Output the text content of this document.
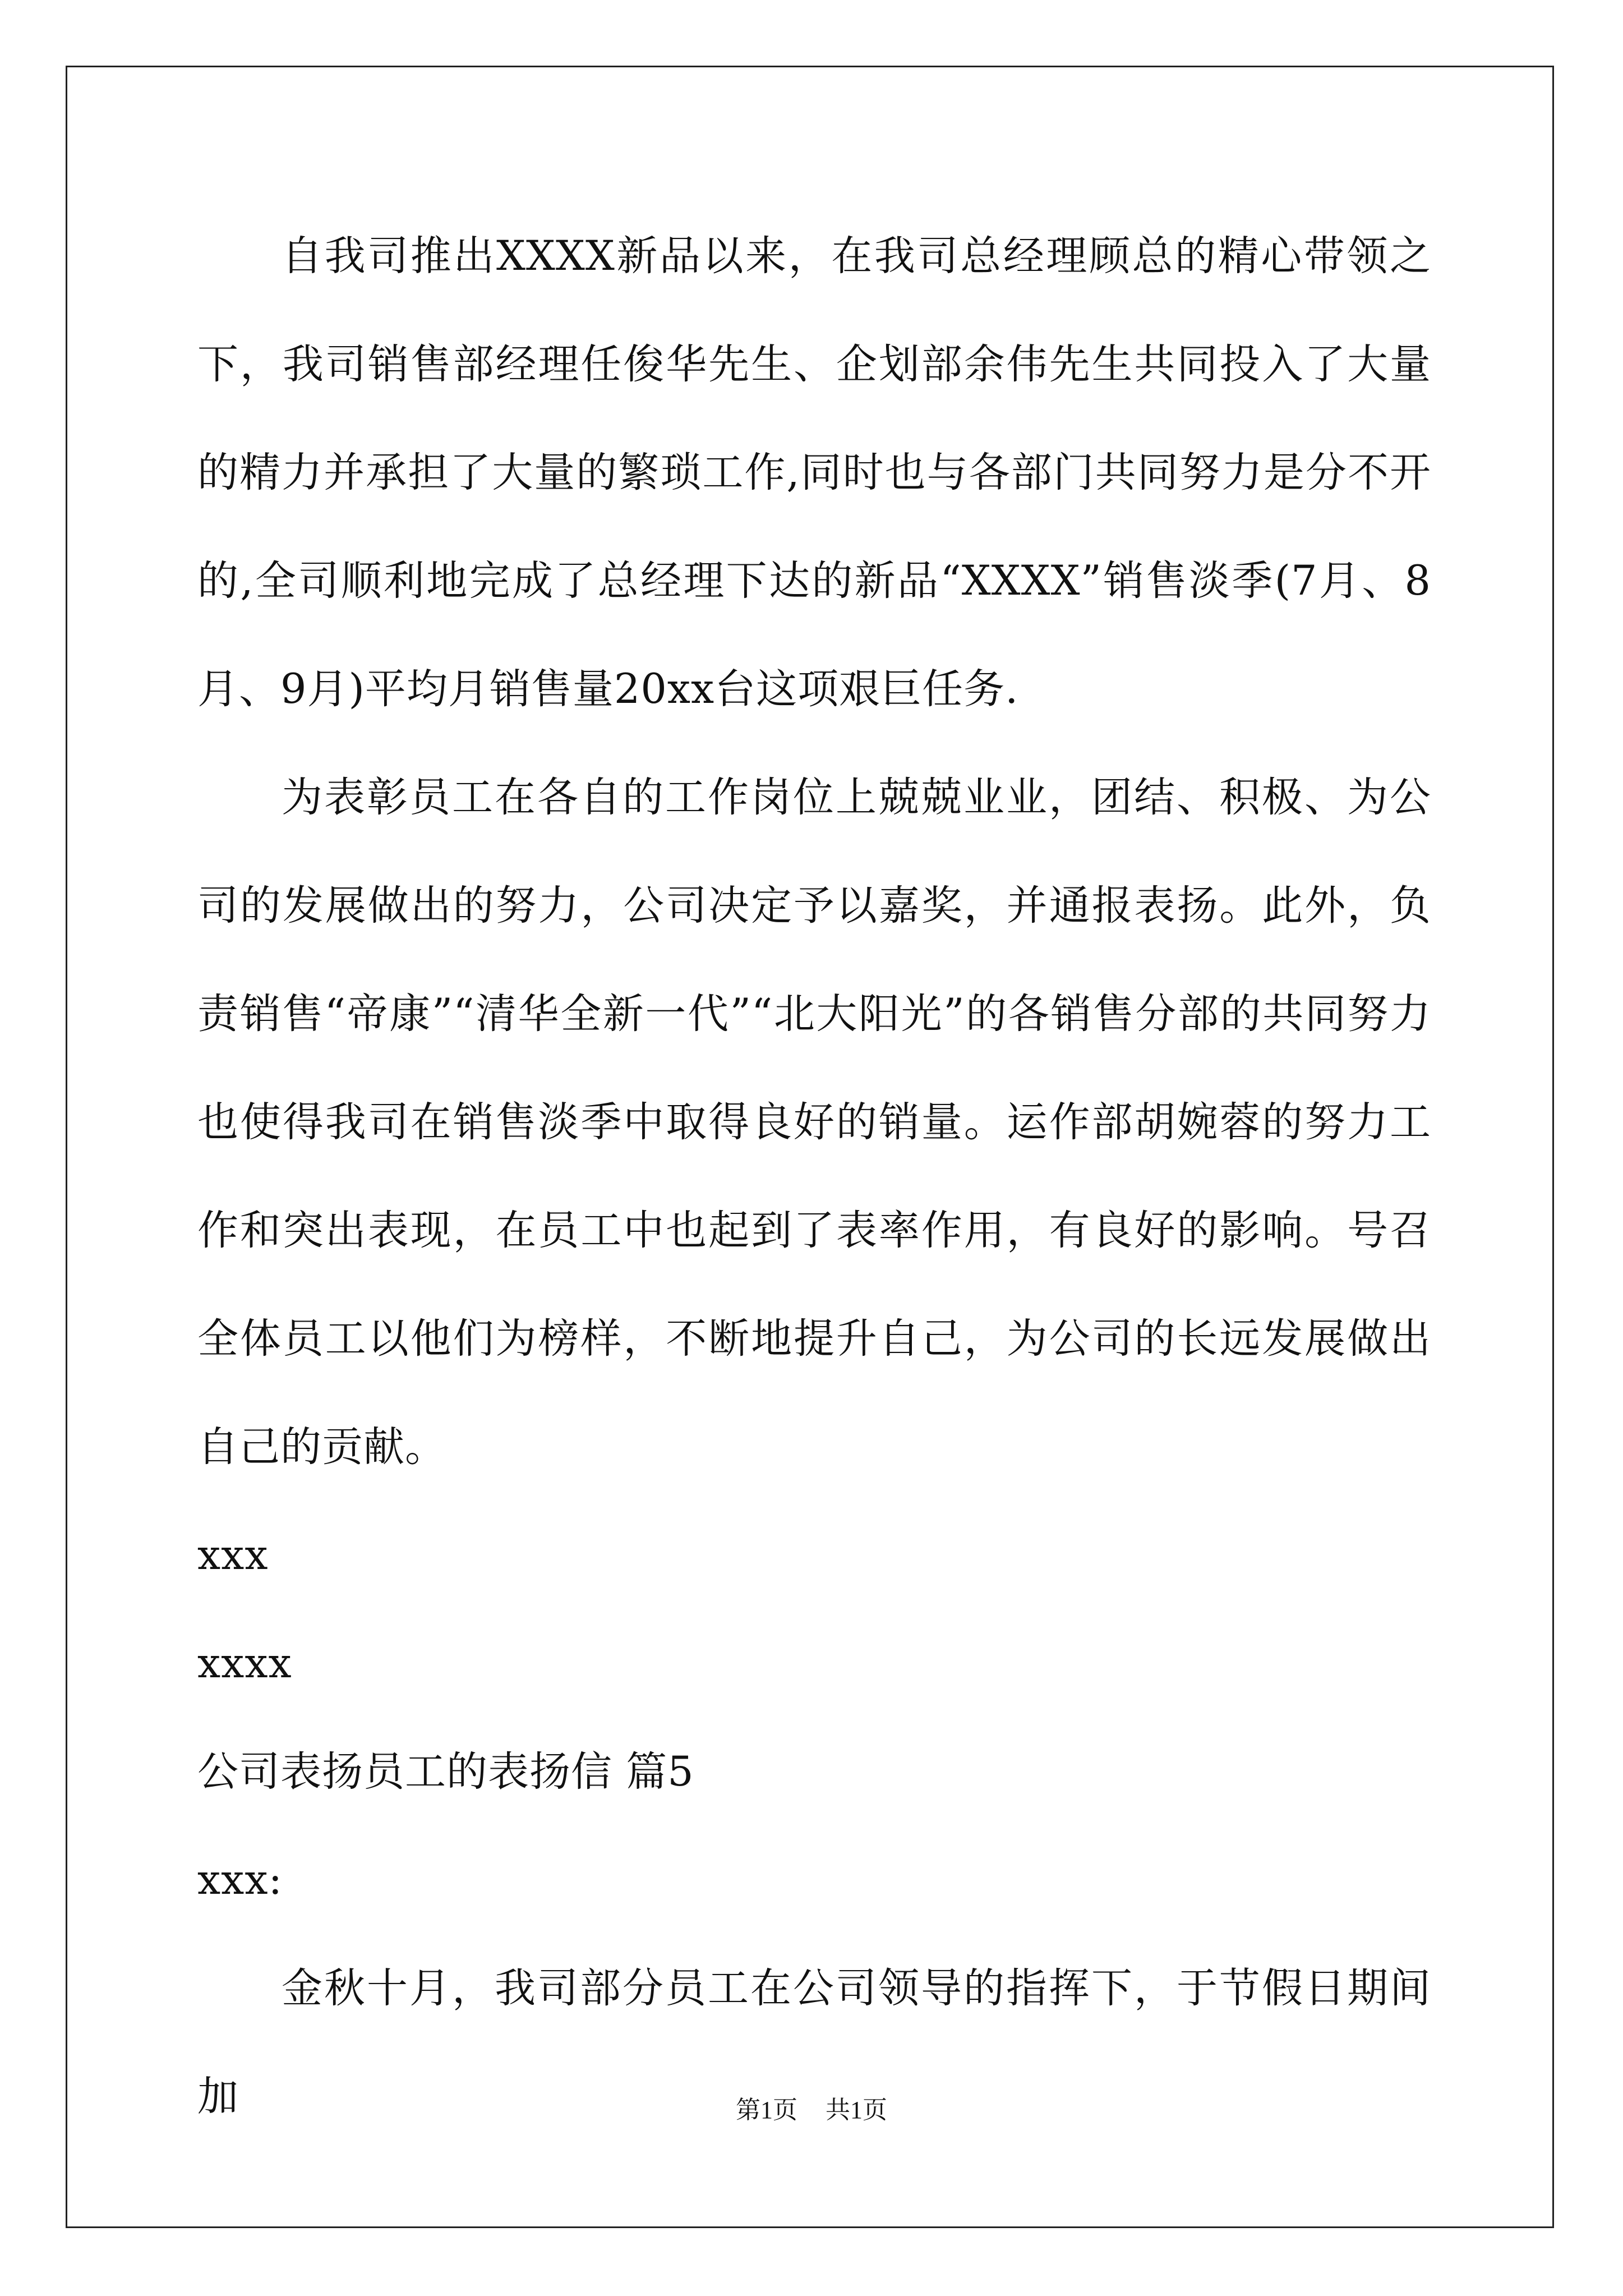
自我司推出XXXX新品以来，在我司总经理顾总的精心带领之下，我司销售部经理任俊华先生、企划部余伟先生共同投入了大量的精力并承担了大量的繁琐工作,同时也与各部门共同努力是分不开的,全司顺利地完成了总经理下达的新品“XXXX”销售淡季(7月、8月、9月)平均月销售量20xx台这项艰巨任务.

为表彰员工在各自的工作岗位上兢兢业业，团结、积极、为公司的发展做出的努力，公司决定予以嘉奖，并通报表扬。此外，负责销售“帝康”“清华全新一代”“北大阳光”的各销售分部的共同努力也使得我司在销售淡季中取得良好的销量。运作部胡婉蓉的努力工作和突出表现，在员工中也起到了表率作用，有良好的影响。号召全体员工以他们为榜样，不断地提升自己，为公司的长远发展做出自己的贡献。

xxx

xxxx

公司表扬员工的表扬信 篇5

xxx:

金秋十月，我司部分员工在公司领导的指挥下，于节假日期间加	第1页 共1页
